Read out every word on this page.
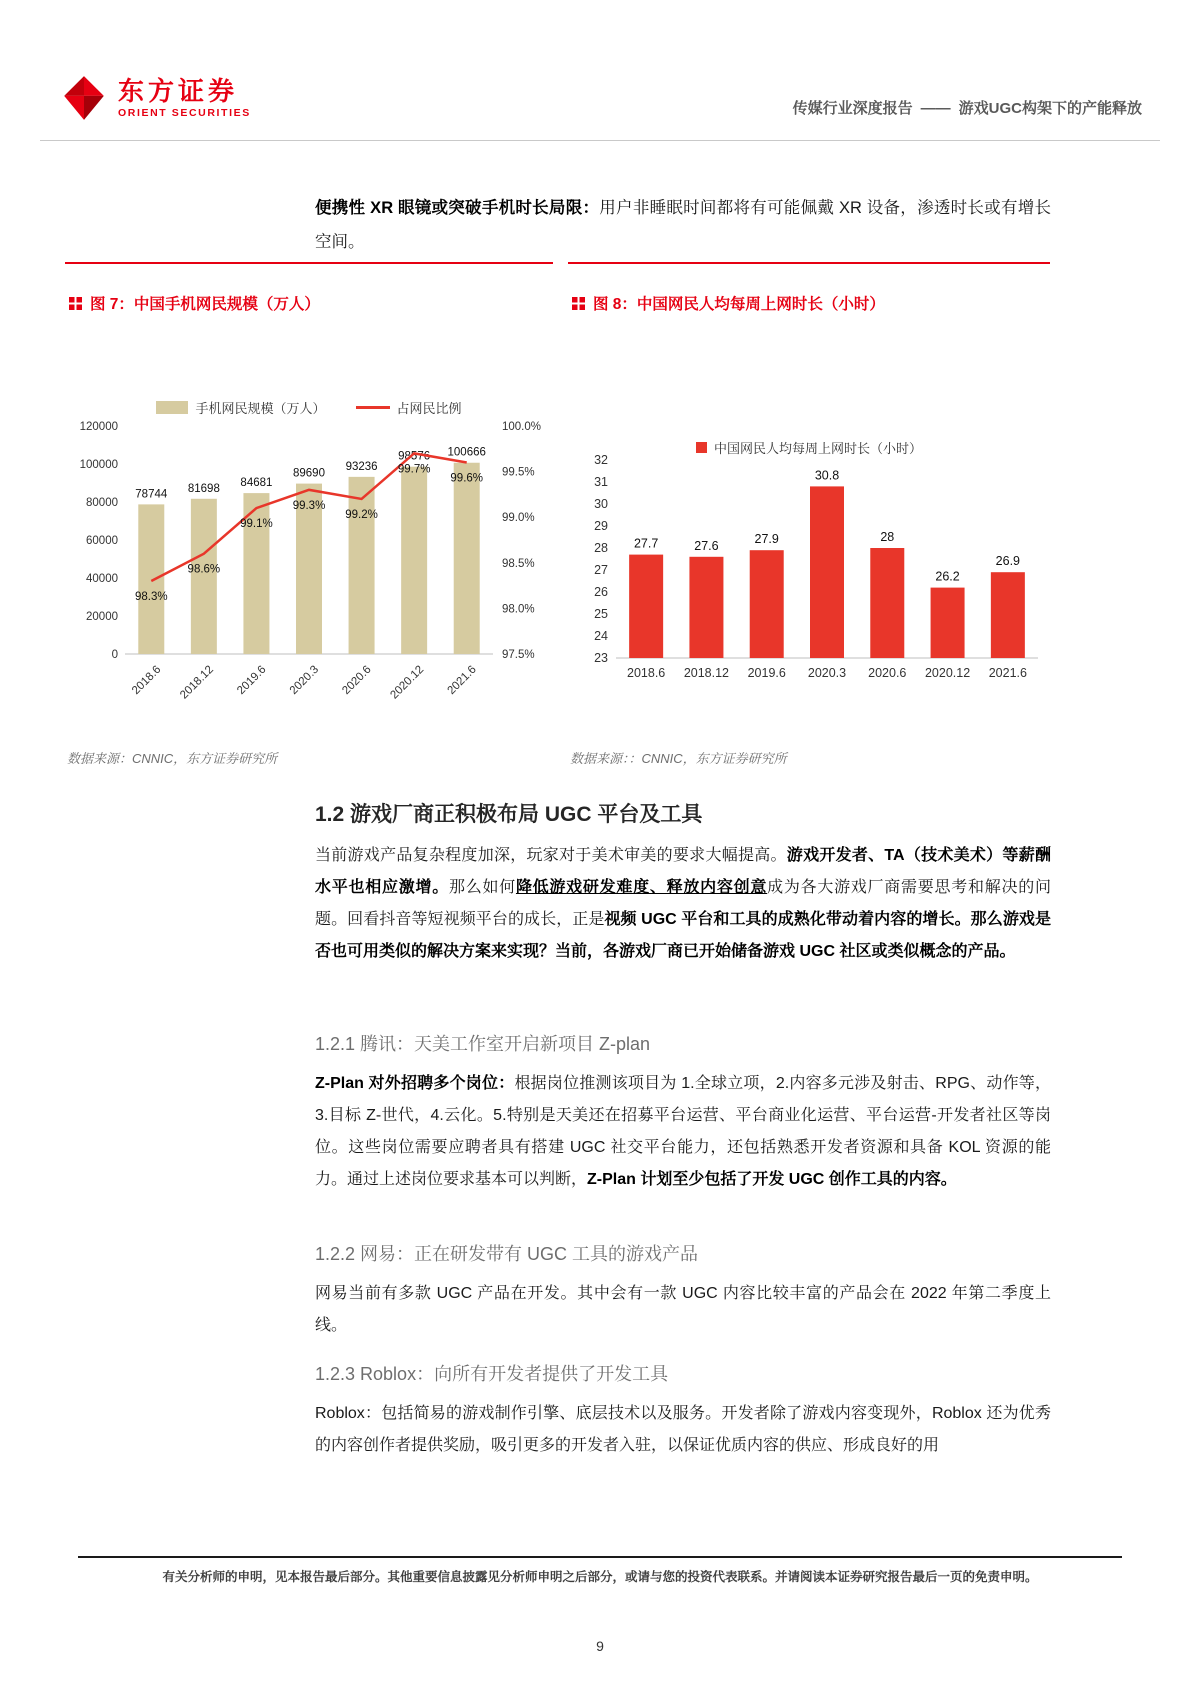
东方证券
ORIENT SECURITIES	传媒行业深度报告 —— 游戏UGC构架下的产能释放

便携性 XR 眼镜或突破手机时长局限：用户非睡眠时间都将有可能佩戴 XR 设备，渗透时长或有增长空间。

图 7：中国手机网民规模（万人）
手机网民规模（万人）	占网民比例
0
20000
40000
60000
80000
100000
120000
97.5%
98.0%
98.5%
99.0%
99.5%
100.0%
78744
2018.6
81698
2018.12
84681
2019.6
89690
2020.3
93236
2020.6
98576
2020.12
100666
2021.6
98.3%
98.6%
99.1%
99.3%
99.2%
99.7%
99.6%
数据来源：CNNIC，东方证券研究所
图 8：中国网民人均每周上网时长（小时）
中国网民人均每周上网时长（小时）
23
24
25
26
27
28
29
30
31
32
27.7
2018.6
27.6
2018.12
27.9
2019.6
30.8
2020.3
28
2020.6
26.2
2020.12
26.9
2021.6
数据来源：：CNNIC，东方证券研究所
1.2 游戏厂商正积极布局 UGC 平台及工具

当前游戏产品复杂程度加深，玩家对于美术审美的要求大幅提高。游戏开发者、TA（技术美术）等薪酬水平也相应激增。那么如何降低游戏研发难度、释放内容创意成为各大游戏厂商需要思考和解决的问题。回看抖音等短视频平台的成长，正是视频 UGC 平台和工具的成熟化带动着内容的增长。那么游戏是否也可用类似的解决方案来实现？当前，各游戏厂商已开始储备游戏 UGC 社区或类似概念的产品。

1.2.1 腾讯：天美工作室开启新项目 Z-plan

Z-Plan 对外招聘多个岗位：根据岗位推测该项目为 1.全球立项，2.内容多元涉及射击、RPG、动作等，3.目标 Z-世代，4.云化。5.特别是天美还在招募平台运营、平台商业化运营、平台运营-开发者社区等岗位。这些岗位需要应聘者具有搭建 UGC 社交平台能力，还包括熟悉开发者资源和具备 KOL 资源的能力。通过上述岗位要求基本可以判断，Z-Plan 计划至少包括了开发 UGC 创作工具的内容。

1.2.2 网易：正在研发带有 UGC 工具的游戏产品

网易当前有多款 UGC 产品在开发。其中会有一款 UGC 内容比较丰富的产品会在 2022 年第二季度上线。

1.2.3 Roblox：向所有开发者提供了开发工具

Roblox：包括简易的游戏制作引擎、底层技术以及服务。开发者除了游戏内容变现外，Roblox 还为优秀的内容创作者提供奖励，吸引更多的开发者入驻，以保证优质内容的供应、形成良好的用

有关分析师的申明，见本报告最后部分。其他重要信息披露见分析师申明之后部分，或请与您的投资代表联系。并请阅读本证券研究报告最后一页的免责申明。
9
